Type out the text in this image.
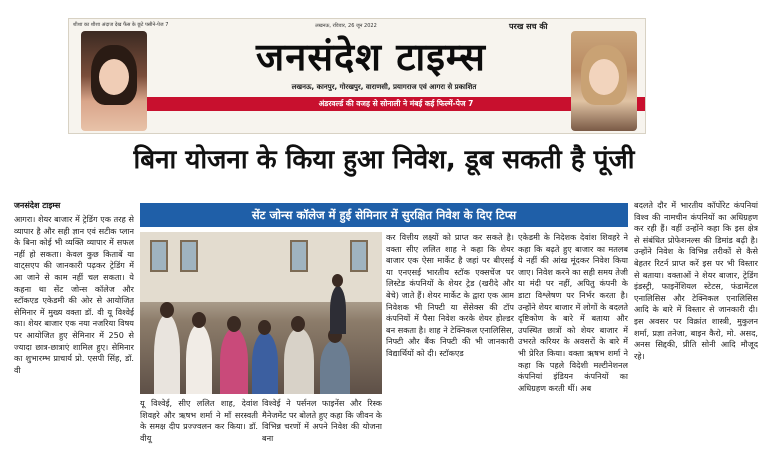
शीशा का शीशा अंदाज देख फैंस के छूटे पसीने-पेज 7	लखनऊ, रविवार, 26 जून 2022	परख सच की
जनसंदेश टाइम्स
लखनऊ, कानपुर, गोरखपुर, वाराणसी, प्रयागराज एवं आगरा से प्रकाशित
अंडरवर्ल्ड की वजह से सोनाली ने मंबई कई फिल्में-पेज 7
बिना योजना के किया हुआ निवेश, डूब सकती है पूंजी
जनसंदेश टाइम्स
सेंट जोन्स कॉलेज में हुई सेमिनार में सुरक्षित निवेश के दिए टिप्स
आगरा। शेयर बाजार में ट्रेडिंग एक तरह से व्यापार है और सही ज्ञान एवं सटीक प्लान के बिना कोई भी व्यक्ति व्यापार में सफल नहीं हो सकता। केवल कुछ किताबें या वाट्सएप की जानकारी पढ़कर ट्रेडिंग में आ जाने से काम नहीं चल सकता। ये कहना था सेंट जोन्स कॉलेज और स्टॉकएड एकेडमी की ओर से आयोजित सेमिनार में मुख्य वक्ता डॉ. वी यू विश्वेई का। शेयर बाजार एक नया नजरिया विषय पर आयोजित हुए सेमिनार में 250 से ज्यादा छात्र-छात्राएं शामिल हुए। सेमिनार का शुभारम्भ प्राचार्य प्रो. एसपी सिंह, डॉ. वी
यू विश्वेई, सीए ललित शाह, देवांश शिवहरे और ऋषभ शर्मा ने माँ सरस्वती के समक्ष दीप प्रज्ज्वलन कर किया। डॉ. वीयू
विश्वेई ने पर्सनल फाइनेंस और रिस्क मैनेजमेंट पर बोलते हुए कहा कि जीवन के विभिन्न चरणों में अपने निवेश की योजना बना
कर वित्तीय लक्ष्यों को प्राप्त कर सकते है। वक्ता सीए ललित शाह ने कहा कि शेयर बाजार एक ऐसा मार्केट है जहां पर बीएसई या एनएसई भारतीय स्टॉक एक्सचेंज पर लिस्टेड कंपनियों के शेयर ट्रेड (खरीदे और बेचे) जाते हैं। शेयर मार्केट के द्वारा एक आम निवेशक भी निफ्टी या सेंसेक्स की टॉप कंपनियों में पैसा निवेश करके शेयर होल्डर बन सकता है। शाह ने टेक्निकल एनालिसिस, निफ्टी और बैंक निफ्टी की भी जानकारी विद्यार्थियों को दी। स्टॉकएड
एकेडमी के निदेशक देवांश शिवहरे ने कहा कि बढ़ते हुए बाजार का मतलब ये नहीं की आंख मूंदकर निवेश किया जाए। निवेश करने का सही समय तेजी या मंदी पर नहीं, अपितु कंपनी के डाटा विश्लेषण पर निर्भर करता है। उन्होंने शेयर बाजार में लोगों के बदलते दृष्टिकोण के बारे में बताया और उपस्थित छात्रों को शेयर बाजार में उभरते करियर के अवसरों के बारे में भी प्रेरित किया। वक्ता ऋषभ शर्मा ने कहा कि पहले विदेशी मल्टीनेशनल कंपनियां इंडियन कंपनियों का अधिग्रहण करती थीं। अब
बदलते दौर में भारतीय कॉर्पोरेट कंपनियां विश्व की नामचीन कंपनियों का अधिग्रहण कर रही हैं। वहीं उन्होंने कहा कि इस क्षेत्र से संबंधित प्रोफेशनल्स की डिमांड बढ़ी है। उन्होंने निवेश के विभिन्न तरीकों से कैसे बेहतर रिटर्न प्राप्त करें इस पर भी विस्तार से बताया। वक्ताओं ने शेयर बाजार, ट्रेडिंग इंडस्ट्री, फाइनेंशियल स्टेटस, फंडामेंटल एनालिसिस और टेक्निकल एनालिसिस आदि के बारे में विस्तार से जानकारी दी। इस अवसर पर विक्रांत शास्त्री, मुकुलन शर्मा, प्रज्ञा तनेजा, बाइन कैरो, मो. असद, अनस सिद्दकी, प्रीति सोनी आदि मौजूद रहे।
